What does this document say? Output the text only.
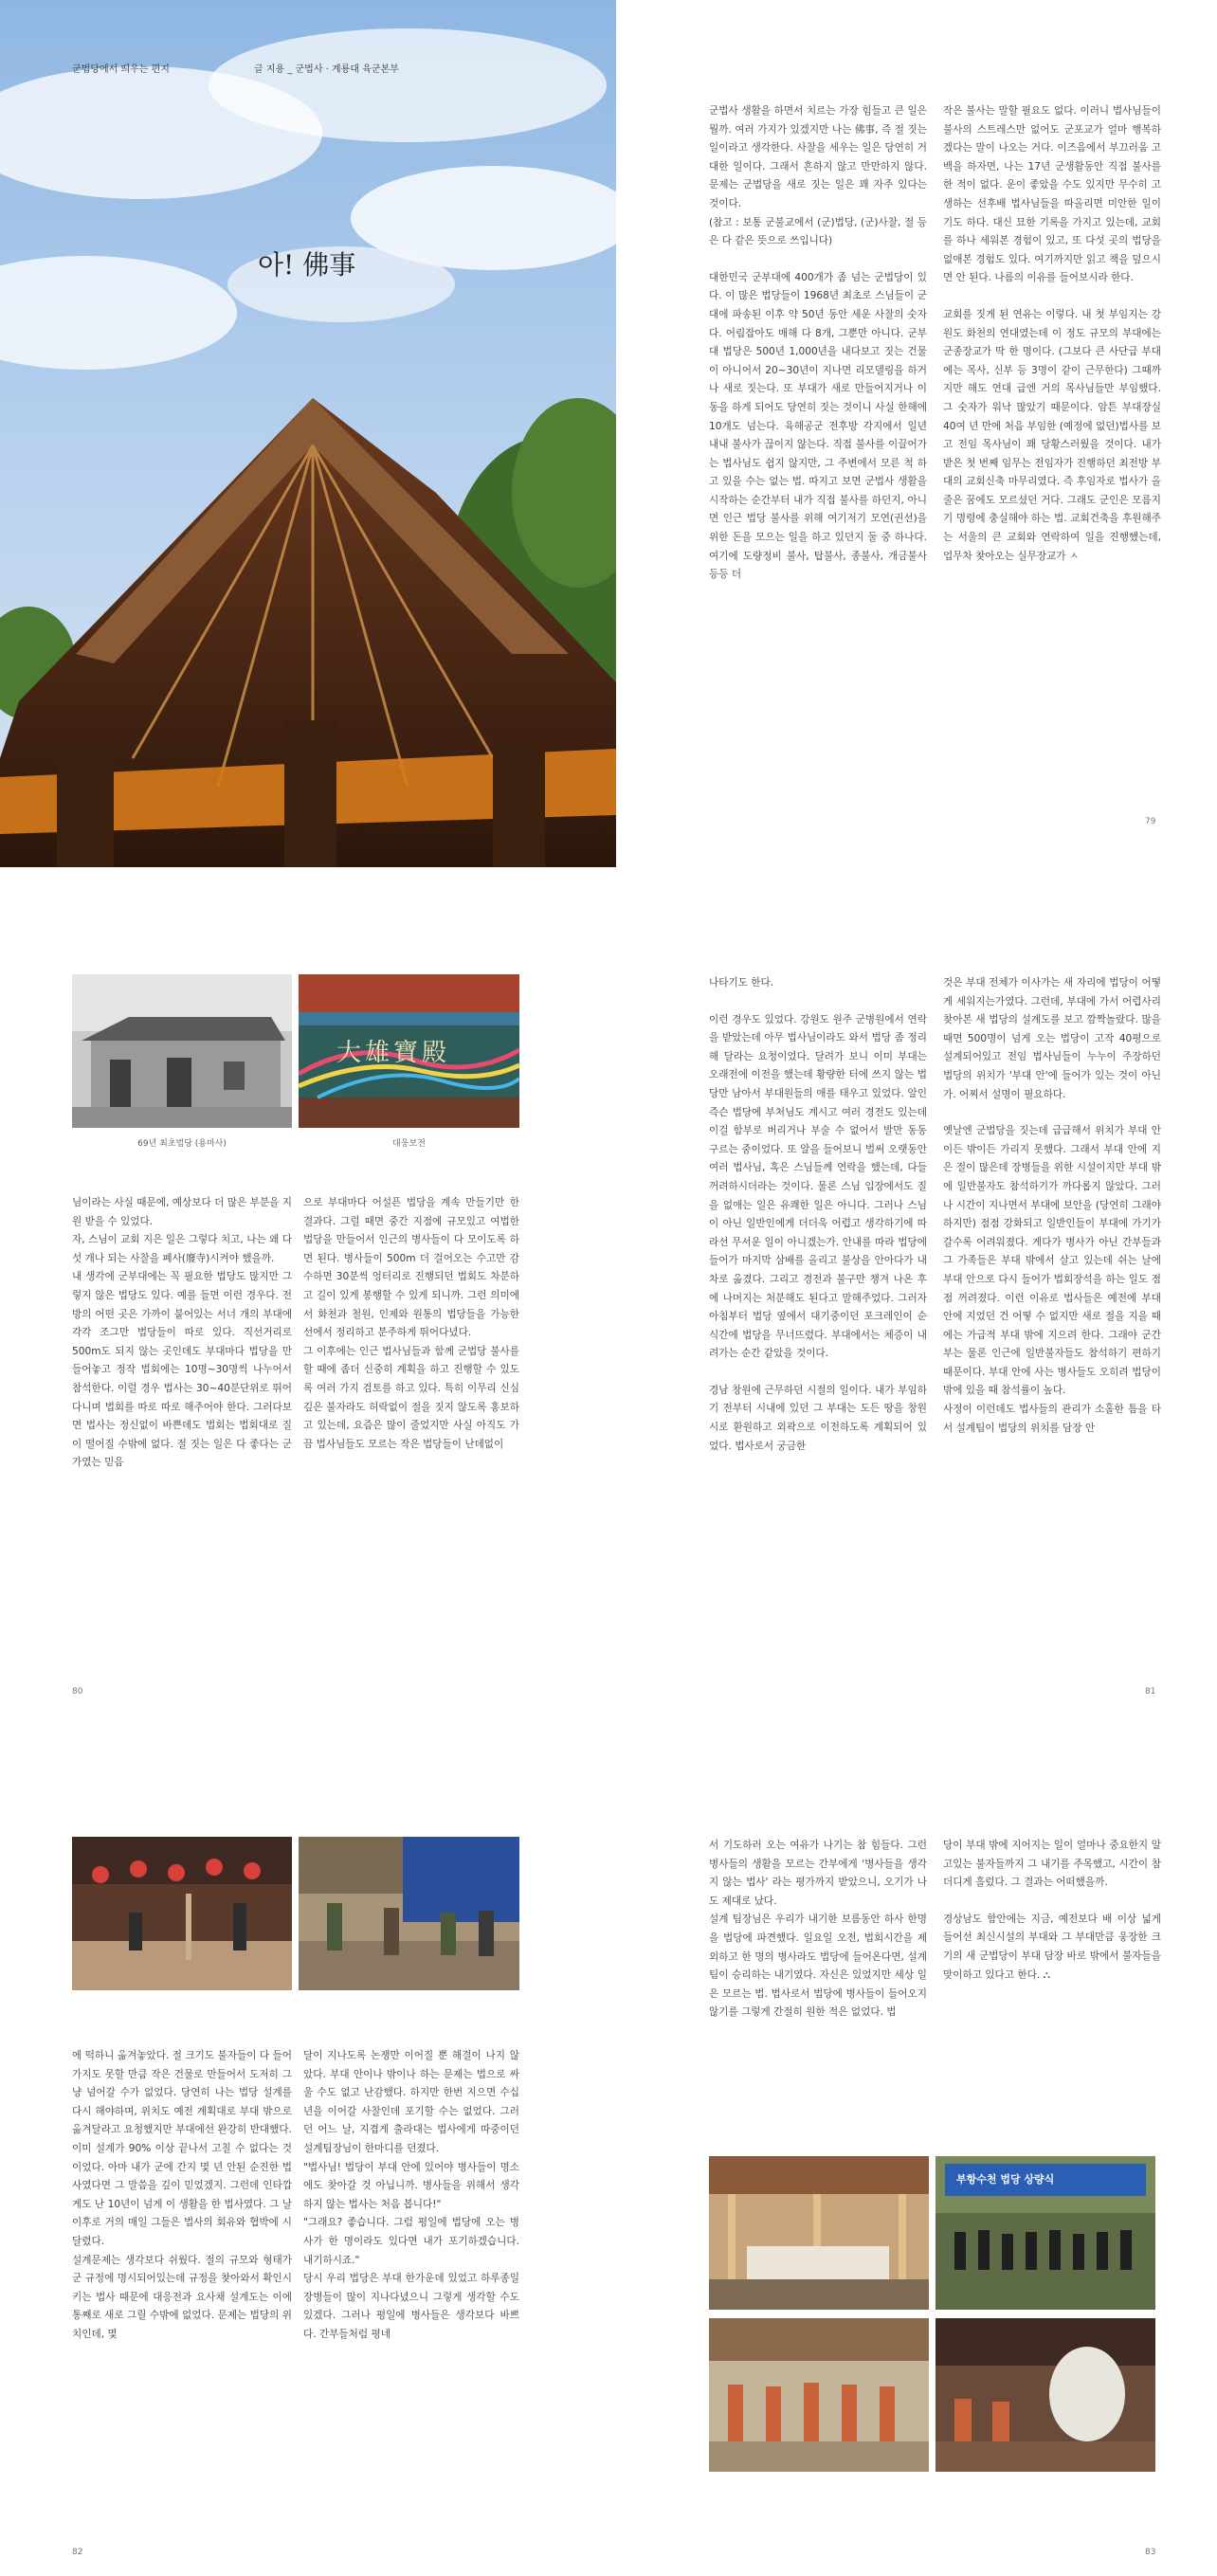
군법당에서 띄우는 편지	글 지용 _ 군법사 · 계룡대 육군본부
아! 佛事

군법사 생활을 하면서 치르는 가장 힘들고 큰 일은 뭘까. 여러 가지가 있겠지만 나는 佛事, 즉 절 짓는 일이라고 생각한다. 사찰을 세우는 일은 당연히 거대한 일이다. 그래서 흔하지 않고 만만하지 않다. 문제는 군법당을 새로 짓는 일은 꽤 자주 있다는 것이다.

(참고 : 보통 군불교에서 (군)법당, (군)사찰, 절 등은 다 같은 뜻으로 쓰입니다)

대한민국 군부대에 400개가 좀 넘는 군법당이 있다. 이 많은 법당들이 1968년 최초로 스님들이 군대에 파송된 이후 약 50년 동안 세운 사찰의 숫자다. 어림잡아도 매해 다 8개, 그뿐만 아니다. 군부대 법당은 500년 1,000년을 내다보고 짓는 건물이 아니어서 20~30년이 지나면 리모델링을 하거나 새로 짓는다. 또 부대가 새로 만들어지거나 이동을 하게 되어도 당연히 짓는 것이니 사실 한해에 10개도 넘는다. 육해공군 전후방 각지에서 일년 내내 불사가 끊이지 않는다. 직접 불사를 이끌어가는 법사님도 쉽지 않지만, 그 주변에서 모른 척 하고 있을 수는 없는 법. 따지고 보면 군법사 생활을 시작하는 순간부터 내가 직접 불사를 하던지, 아니면 인근 법당 불사를 위해 여기저기 모연(권선)을 위한 돈을 모으는 일을 하고 있던지 둘 중 하나다. 여기에 도량정비 불사, 탑불사, 종불사, 개금불사 등등 더

작은 불사는 말할 필요도 없다. 이러니 법사님들이 불사의 스트레스만 없어도 군포교가 얼마 행복하겠다는 말이 나오는 거다. 이즈음에서 부끄러움 고백을 하자면, 나는 17년 군생활동안 직접 불사를 한 적이 없다. 운이 좋았을 수도 있지만 무수히 고생하는 선후배 법사님들을 따올리면 미안한 일이기도 하다. 대신 묘한 기록을 가지고 있는데, 교회를 하나 세워본 경험이 있고, 또 다섯 곳의 법당을 없애본 경험도 있다. 여기까지만 읽고 책을 덮으시면 안 된다. 나름의 이유를 들어보시라 한다.

교회를 짓게 된 연유는 이렇다. 내 첫 부임지는 강원도 화천의 연대였는데 이 정도 규모의 부대에는 군종장교가 딱 한 명이다. (그보다 큰 사단급 부대에는 목사, 신부 등 3명이 같이 근무한다) 그때까지만 해도 연대 급엔 거의 목사님들만 부임했다. 그 숫자가 워낙 많았기 때문이다. 암튼 부대장실 40여 년 만에 처음 부임한 (예정에 없던)법사를 보고 전임 목사님이 꽤 당황스러웠을 것이다. 내가 받은 첫 번째 임무는 전임자가 진행하던 최전방 부대의 교회신축 마무리였다. 즉 후임자로 법사가 올 줄은 꿈에도 모르셨던 거다. 그래도 군인은 모름지기 명령에 충실해야 하는 법. 교회건축을 후원해주는 서울의 큰 교회와 연락하여 일을 진행했는데, 업무차 찾아오는 실무장교가 ㅅ

79
69년 최초법당 (용마사)
大雄寶殿
대웅보전

님이라는 사실 때문에, 예상보다 더 많은 부분을 지원 받을 수 있었다.

자, 스님이 교회 지은 일은 그렇다 치고, 나는 왜 다섯 개나 되는 사찰을 폐사(廢寺)시켜야 했을까.

내 생각에 군부대에는 꼭 필요한 법당도 많지만 그렇지 않은 법당도 있다. 예를 들면 이런 경우다. 전방의 어떤 곳은 가까이 붙어있는 서너 개의 부대에 각각 조그만 법당들이 따로 있다. 직선거리로 500m도 되지 않는 곳인데도 부대마다 법당을 만들어놓고 정작 법회에는 10명~30명씩 나누어서 참석한다. 이럴 경우 법사는 30~40분단위로 뛰어다니며 법회를 따로 따로 해주어야 한다. 그러다보면 법사는 정신없이 바쁜데도 법회는 법회대로 질이 떨어질 수밖에 없다. 절 짓는 일은 다 좋다는 군가였는 믿음

으로 부대마다 어설픈 법당을 계속 만들기만 한 결과다. 그럴 때면 중간 지점에 규모있고 여법한 법당을 만들어서 인근의 병사들이 다 모이도록 하면 된다. 병사들이 500m 더 걸어오는 수고만 감수하면 30분씩 엉터리로 진행되던 법회도 차분하고 길이 있게 봉행할 수 있게 되니까. 그런 의미에서 화천과 철원, 인제와 원통의 법당들을 가능한 선에서 정리하고 분주하게 뛰어다녔다.

그 이후에는 인근 법사님들과 함께 군법당 불사를 할 때에 좀더 신중히 계획을 하고 진행할 수 있도록 여러 가지 검토를 하고 있다. 특히 이무리 신심 깊은 불자라도 허락없이 절을 짓지 않도록 홍보하고 있는데, 요즘은 많이 줄었지만 사실 아직도 가끔 법사님들도 모르는 작은 법당들이 난데없이

나타기도 한다.

이런 경우도 있었다. 강원도 원주 군병원에서 연락을 받았는데 아무 법사님이라도 와서 법당 좀 정리해 달라는 요청이었다. 달려가 보니 이미 부대는 오래전에 이전을 했는데 황량한 터에 쓰지 않는 법당만 남아서 부대원들의 애를 태우고 있었다. 알인 즉슨 법당에 부처님도 계시고 여러 경전도 있는데 이걸 함부로 버리거나 부술 수 없어서 발만 동동 구르는 중이었다. 또 알을 들어보니 벌써 오랫동안 여러 법사님, 혹은 스님들께 연락을 했는데, 다들 꺼려하시더라는 것이다. 물론 스님 입장에서도 질을 없애는 일은 유쾌한 일은 아니다. 그러나 스님이 아닌 일반인에게 더더욱 어렵고 생각하기에 따라선 무서운 일이 아니겠는가. 안내를 따라 법당에 들어가 마지막 삼배를 올리고 불상을 안아다가 내 차로 옮겼다. 그리고 경전과 불구만 챙겨 나온 후에 나머지는 처분해도 된다고 말해주었다. 그러자 아침부터 법당 옆에서 대기중이던 포크레인이 순식간에 법당을 무너뜨렸다. 부대에서는 체증이 내려가는 순간 같았을 것이다.

경남 창원에 근무하던 시절의 일이다. 내가 부임하기 전부터 시내에 있던 그 부대는 도든 땅을 창원시로 환원하고 외곽으로 이전하도록 계획되어 있었다. 법사로서 궁금한

것은 부대 전체가 이사가는 새 자리에 법당이 어떻게 세워지는가였다. 그런데, 부대에 가서 어렵사리 찾아본 새 법당의 설계도를 보고 깜짝놀랐다. 많을 때면 500명이 넘게 오는 법당이 고작 40평으로 설계되어있고 전임 법사님들이 누누이 주장하던 법당의 위치가 '부대 안'에 들어가 있는 것이 아닌가. 어찌서 설명이 필요하다.

옛날엔 군법당을 짓는데 급급해서 위치가 부대 안이든 밖이든 가리지 못했다. 그래서 부대 안에 지은 절이 많은데 장병들을 위한 시설이지만 부대 밖에 일반불자도 참석하기가 까다롭지 않았다. 그러나 시간이 지나면서 부대에 보안을 (당연히 그래야하지만) 점점 강화되고 일반인들이 부대에 가기가 갈수록 어려워졌다. 게다가 병사가 아닌 간부들과 그 가족들은 부대 밖에서 살고 있는데 쉬는 날에 부대 안으로 다시 들어가 법회장석을 하는 일도 점점 꺼려졌다. 이런 이유로 법사들은 예전에 부대 안에 지었던 건 어떻 수 없지만 새로 절을 지을 때에는 가급적 부대 밖에 지으려 한다. 그래야 군간부는 물론 인근에 일반불자들도 참석하기 편하기 때문이다. 부대 안에 사는 병사들도 오히려 법당이 밖에 있을 때 참석률이 높다.

사정이 이런데도 법사들의 관리가 소홀한 틈을 타서 설계팀이 법당의 위치를 담장 안

80	81

에 떡하니 옮겨놓았다. 절 크기도 불자들이 다 들어가지도 못할 만큼 작은 건물로 만들어서 도저히 그냥 넘어갈 수가 없었다. 당연히 나는 법당 설계를 다시 해야하며, 위치도 예전 계획대로 부대 밖으로 옮겨달라고 요청했지만 부대에선 완강히 반대했다. 이미 설계가 90% 이상 끝나서 고칠 수 없다는 것이었다. 아마 내가 군에 간지 몇 년 안된 순진한 법사였다면 그 말씀을 깊이 믿었겠지. 그런데 인타깝게도 난 10년이 넘게 이 생활을 한 법사였다. 그 날 이후로 거의 매일 그들은 법사의 회유와 협박에 시달렸다.

설계문제는 생각보다 쉬웠다. 절의 규모와 형태가 군 규정에 명시되어있는데 규정을 찾아와서 확인시키는 법사 때문에 대응전과 요사채 설계도는 이에 통째로 새로 그릴 수밖에 없었다. 문제는 법당의 위치인데, 몇

달이 지나도록 논쟁만 이어질 뿐 해결이 나지 않았다. 부대 안이나 밖이나 하는 문제는 법으로 싸울 수도 없고 난감했다. 하지만 한번 지으면 수십 년을 이어갈 사찰인데 포기할 수는 없었다. 그러던 어느 날, 지겹게 출라대는 법사에게 따중이던 설계팀장님이 한마디를 던졌다.

"법사님! 법당이 부대 안에 있어야 병사들이 명소에도 찾아갈 것 아닙니까. 병사들을 위해서 생각하지 않는 법사는 처음 봅니다!"

"그래요? 좋습니다. 그럼 평일에 법당에 오는 병사가 한 명이라도 있다면 내가 포기하겠습니다. 내기하시죠."

당시 우리 법당은 부대 한가운데 있었고 하루종일 장병들이 많이 지나다녔으니 그렇게 생각할 수도 있겠다. 그러나 평일에 병사들은 생각보다 바쁘다. 간부들처럼 평네

서 기도하러 오는 여유가 나기는 참 힘들다. 그런 병사들의 생활을 모르는 간부에게 '병사들을 생각지 않는 법사' 라는 평가까지 받았으니, 오기가 나도 제대로 났다.

설계 팀장님은 우리가 내기한 보름동안 하사 한명을 법당에 파견했다. 일요일 오전, 법회시간을 제외하고 한 명의 병사라도 법당에 들어온다면, 설계팀이 승리하는 내기였다. 자신은 있었지만 세상 일은 모르는 법. 법사로서 법당에 병사들이 들어오지 않기를 그렇게 간절히 원한 적은 없었다. 법

당이 부대 밖에 지어지는 일이 얼마나 중요한지 알고있는 불자들까지 그 내기를 주목했고, 시간이 참 더디게 흘렀다. 그 결과는 어떠했을까.

경상남도 함안에는 지금, 예전보다 배 이상 넓게 들어선 최신시설의 부대와 그 부대만큼 웅장한 크기의 새 군법당이 부대 담장 바로 밖에서 불자들을 맞이하고 있다고 한다. ⛬

부항수천 법당 상량식
82	83
